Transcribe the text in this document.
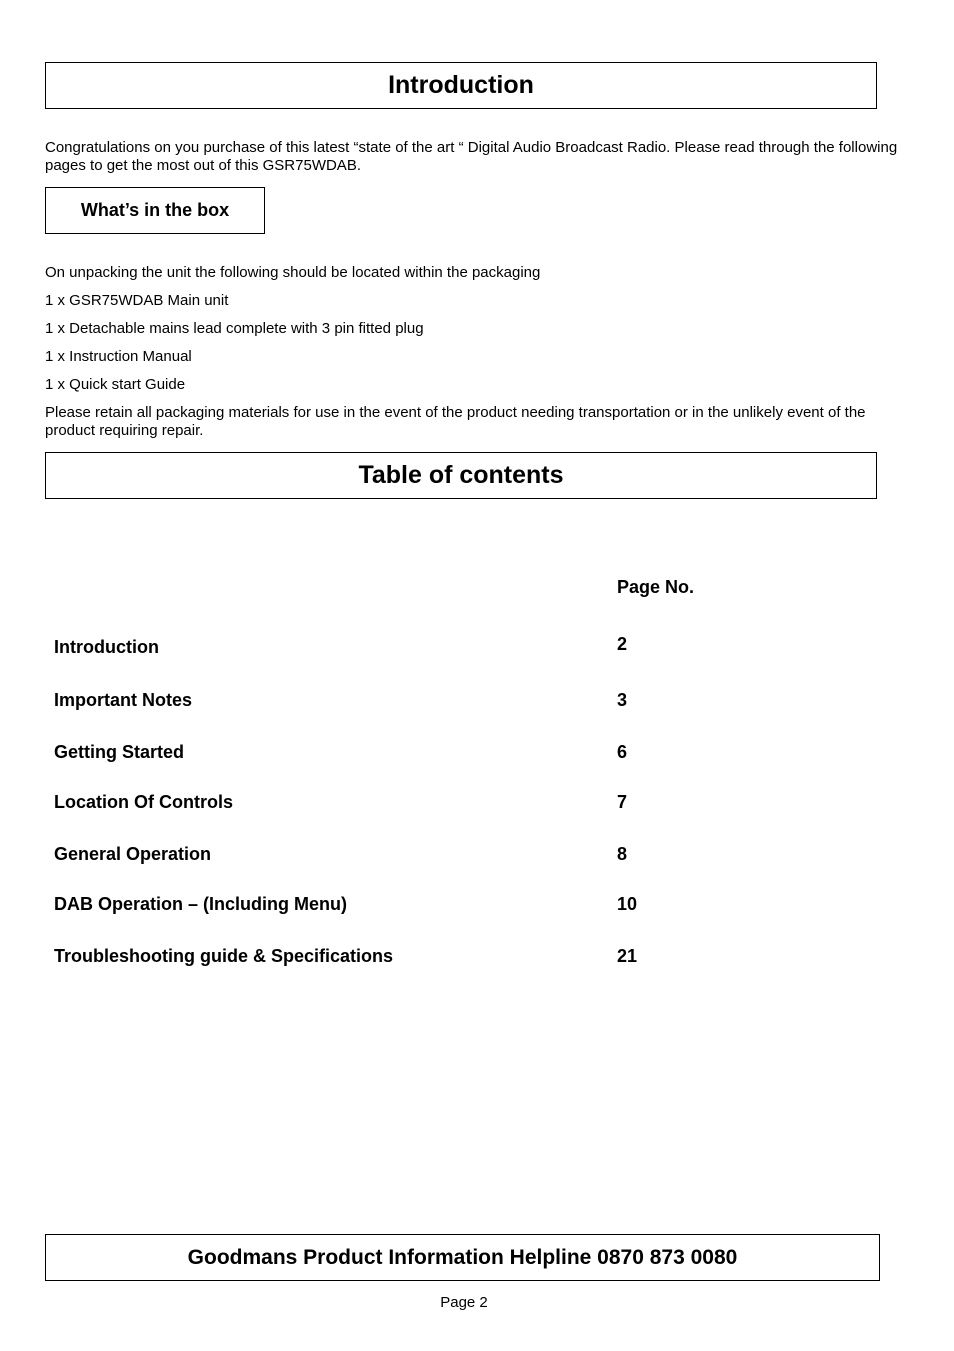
Introduction
Congratulations on you purchase of this latest “state of the art “ Digital Audio Broadcast Radio. Please read through the following pages to get the most out of this GSR75WDAB.
What’s in the box
On unpacking the unit the following should be located within the packaging
1 x GSR75WDAB Main unit
1 x Detachable mains lead complete with 3 pin fitted plug
1 x Instruction Manual
1 x Quick start Guide
Please retain all packaging materials for use in the event of the product needing transportation or in the unlikely event of the product requiring repair.
Table of contents
Page No.
Introduction	2
Important Notes	3
Getting Started	6
Location Of Controls	7
General Operation	8
DAB Operation – (Including Menu)	10
Troubleshooting guide & Specifications	21
Goodmans Product Information Helpline 0870 873 0080
Page 2
